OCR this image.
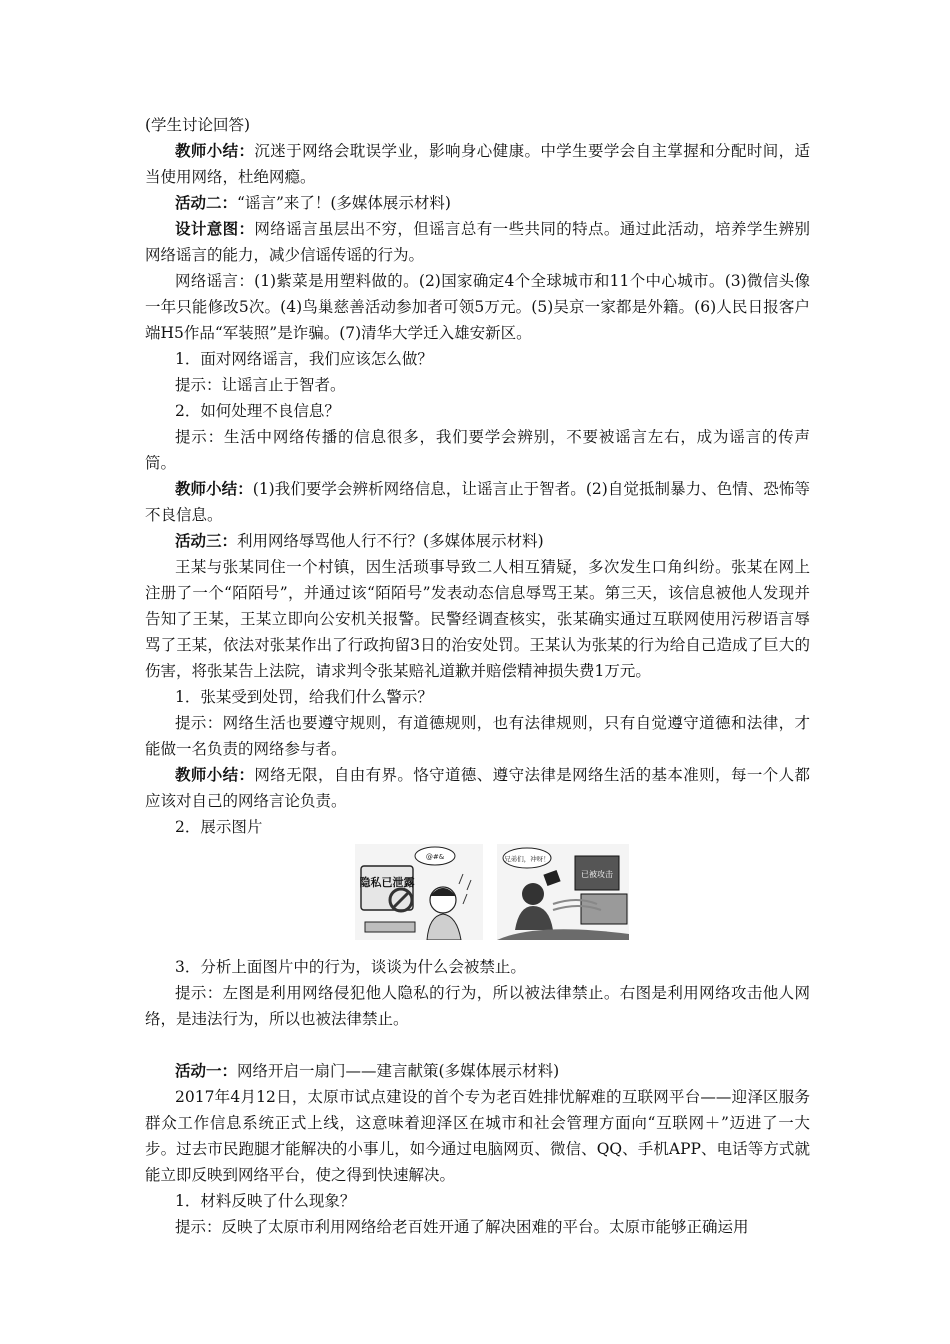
(学生讨论回答)

教师小结：沉迷于网络会耽误学业，影响身心健康。中学生要学会自主掌握和分配时间，适当使用网络，杜绝网瘾。

活动二：“谣言”来了！(多媒体展示材料)

设计意图：网络谣言虽层出不穷，但谣言总有一些共同的特点。通过此活动，培养学生辨别网络谣言的能力，减少信谣传谣的行为。

网络谣言：(1)紫菜是用塑料做的。(2)国家确定4个全球城市和11个中心城市。(3)微信头像一年只能修改5次。(4)鸟巢慈善活动参加者可领5万元。(5)吴京一家都是外籍。(6)人民日报客户端H5作品“军装照”是诈骗。(7)清华大学迁入雄安新区。

1．面对网络谣言，我们应该怎么做？

提示：让谣言止于智者。

2．如何处理不良信息？

提示：生活中网络传播的信息很多，我们要学会辨别，不要被谣言左右，成为谣言的传声筒。

教师小结：(1)我们要学会辨析网络信息，让谣言止于智者。(2)自觉抵制暴力、色情、恐怖等不良信息。

活动三：利用网络辱骂他人行不行？(多媒体展示材料)

王某与张某同住一个村镇，因生活琐事导致二人相互猜疑，多次发生口角纠纷。张某在网上注册了一个“陌陌号”，并通过该“陌陌号”发表动态信息辱骂王某。第三天，该信息被他人发现并告知了王某，王某立即向公安机关报警。民警经调查核实，张某确实通过互联网使用污秽语言辱骂了王某，依法对张某作出了行政拘留3日的治安处罚。王某认为张某的行为给自己造成了巨大的伤害，将张某告上法院，请求判令张某赔礼道歉并赔偿精神损失费1万元。

1．张某受到处罚，给我们什么警示？

提示：网络生活也要遵守规则，有道德规则，也有法律规则，只有自觉遵守道德和法律，才能做一名负责的网络参与者。

教师小结：网络无限，自由有界。恪守道德、遵守法律是网络生活的基本准则，每一个人都应该对自己的网络言论负责。

2．展示图片

隐私已泄露
@#&	兄弟们，冲呀！
已被攻击

3．分析上面图片中的行为，谈谈为什么会被禁止。

提示：左图是利用网络侵犯他人隐私的行为，所以被法律禁止。右图是利用网络攻击他人网络，是违法行为，所以也被法律禁止。

活动一：网络开启一扇门——建言献策(多媒体展示材料)

2017年4月12日，太原市试点建设的首个专为老百姓排忧解难的互联网平台——迎泽区服务群众工作信息系统正式上线，这意味着迎泽区在城市和社会管理方面向“互联网＋”迈进了一大步。过去市民跑腿才能解决的小事儿，如今通过电脑网页、微信、QQ、手机APP、电话等方式就能立即反映到网络平台，使之得到快速解决。

1．材料反映了什么现象？

提示：反映了太原市利用网络给老百姓开通了解决困难的平台。太原市能够正确运用
